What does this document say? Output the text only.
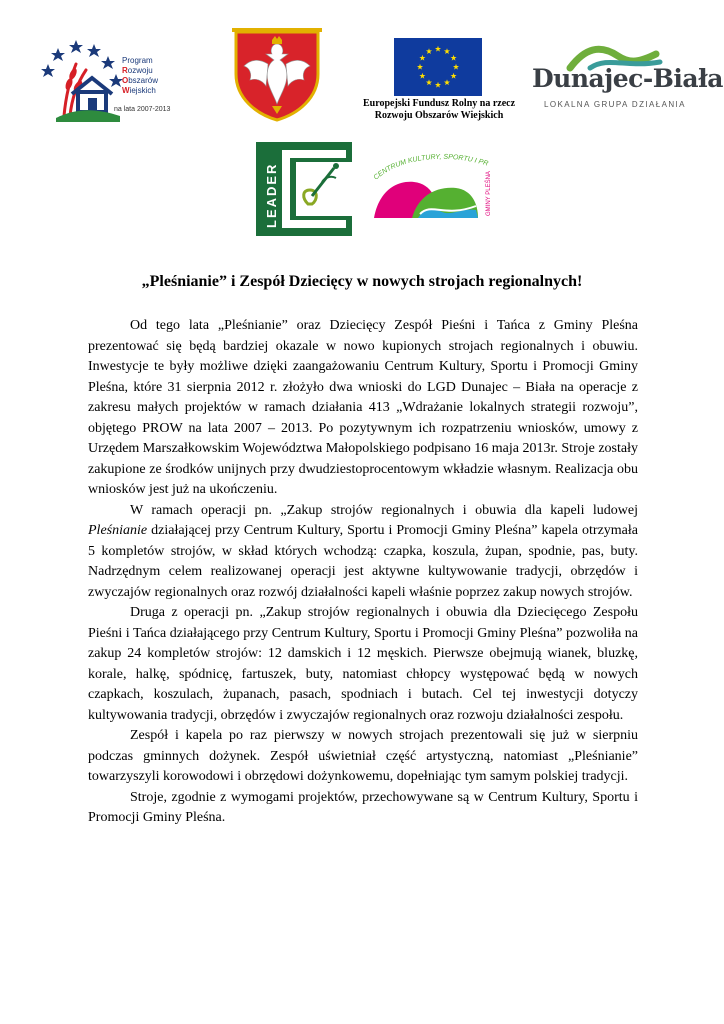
Program
Rozwoju
Obszarów
Wiejskich
na lata 2007-2013
Europejski Fundusz Rolny na rzecz
Rozwoju Obszarów Wiejskich
Dunajec-Biała
LOKALNA GRUPA DZIAŁANIA
LEADER	CENTRUM KULTURY, SPORTU I PR
GMINY PLEŚNA
„Pleśnianie” i Zespół Dziecięcy w nowych strojach regionalnych!

Od tego lata „Pleśnianie” oraz Dziecięcy Zespół Pieśni i Tańca z Gminy Pleśna prezentować się będą bardziej okazale w nowo kupionych strojach regionalnych i obuwiu. Inwestycje te były możliwe dzięki zaangażowaniu Centrum Kultury, Sportu i Promocji Gminy Pleśna, które 31 sierpnia 2012 r. złożyło dwa wnioski do LGD Dunajec – Biała na operacje z zakresu małych projektów w ramach działania 413 „Wdrażanie lokalnych strategii rozwoju”, objętego PROW na lata 2007 – 2013. Po pozytywnym ich rozpatrzeniu wniosków, umowy z Urzędem Marszałkowskim Województwa Małopolskiego podpisano 16 maja 2013r. Stroje zostały zakupione ze środków unijnych przy dwudziestoprocentowym wkładzie własnym. Realizacja obu wniosków jest już na ukończeniu.

W ramach operacji pn. „Zakup strojów regionalnych i obuwia dla kapeli ludowej Pleśnianie działającej przy Centrum Kultury, Sportu i Promocji Gminy Pleśna” kapela otrzymała 5 kompletów strojów, w skład których wchodzą: czapka, koszula, żupan, spodnie, pas, buty. Nadrzędnym celem realizowanej operacji jest aktywne kultywowanie tradycji, obrzędów i zwyczajów regionalnych oraz rozwój działalności kapeli właśnie poprzez zakup nowych strojów.

Druga z operacji pn. „Zakup strojów regionalnych i obuwia dla Dziecięcego Zespołu Pieśni i Tańca działającego przy Centrum Kultury, Sportu i Promocji Gminy Pleśna” pozwoliła na zakup 24 kompletów strojów: 12 damskich i 12 męskich. Pierwsze obejmują wianek, bluzkę, korale, halkę, spódnicę, fartuszek, buty, natomiast chłopcy występować będą w nowych czapkach, koszulach, żupanach, pasach, spodniach i butach. Cel tej inwestycji dotyczy kultywowania tradycji, obrzędów i zwyczajów regionalnych oraz rozwoju działalności zespołu.

Zespół i kapela po raz pierwszy w nowych strojach prezentowali się już w sierpniu podczas gminnych dożynek. Zespół uświetniał część artystyczną, natomiast „Pleśnianie” towarzyszyli korowodowi i obrzędowi dożynkowemu, dopełniając tym samym polskiej tradycji.

Stroje, zgodnie z wymogami projektów, przechowywane są w Centrum Kultury, Sportu i Promocji Gminy Pleśna.
